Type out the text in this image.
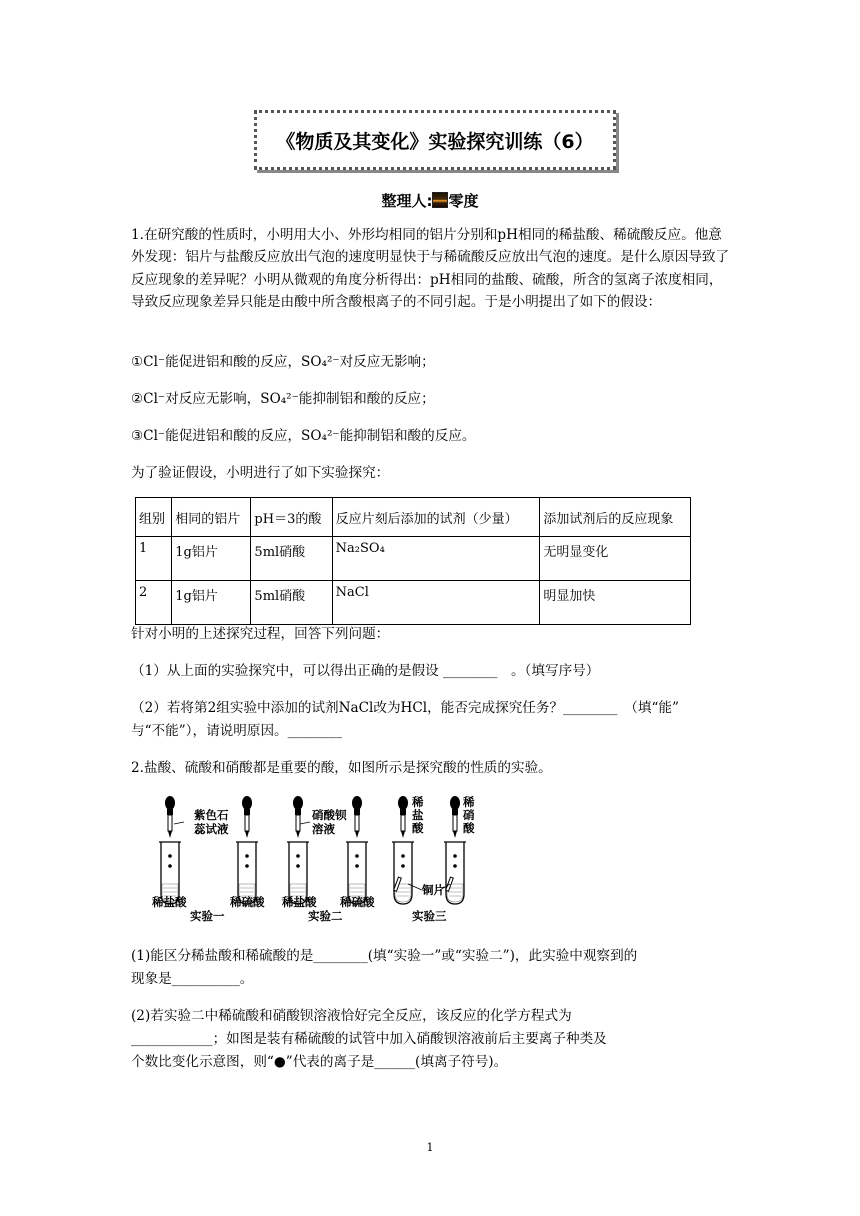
《物质及其变化》实验探究训练（6）
整理人: 零度
1.在研究酸的性质时，小明用大小、外形均相同的铝片分别和pH相同的稀盐酸、稀硫酸反应。他意外发现：铝片与盐酸反应放出气泡的速度明显快于与稀硫酸反应放出气泡的速度。是什么原因导致了反应现象的差异呢？小明从微观的角度分析得出：pH相同的盐酸、硫酸，所含的氢离子浓度相同，导致反应现象差异只能是由酸中所含酸根离子的不同引起。于是小明提出了如下的假设：
①Cl⁻能促进铝和酸的反应，SO₄²⁻对反应无影响；
②Cl⁻对反应无影响，SO₄²⁻能抑制铝和酸的反应；
③Cl⁻能促进铝和酸的反应，SO₄²⁻能抑制铝和酸的反应。
为了验证假设，小明进行了如下实验探究：
组别	相同的铝片	pH＝3的酸	反应片刻后添加的试剂（少量）	添加试剂后的反应现象
1	1g铝片	5ml硝酸	Na₂SO₄	无明显变化
2	1g铝片	5ml硝酸	NaCl	明显加快
针对小明的上述探究过程，回答下列问题：
（1）从上面的实验探究中，可以得出正确的是假设 ________　。（填写序号）
（2）若将第2组实验中添加的试剂NaCl改为HCl，能否完成探究任务？________　（填“能”
与“不能”），请说明原因。________
2.盐酸、硫酸和硝酸都是重要的酸，如图所示是探究酸的性质的实验。
紫色石
蕊试液
硝酸钡
溶液
稀
盐
酸
稀
硝
酸
铜片
稀盐酸	稀硫酸 稀盐酸 稀硫酸
实验一	实验二	实验三
(1)能区分稀盐酸和稀硫酸的是________(填“实验一”或“实验二”)，此实验中观察到的
现象是__________。
(2)若实验二中稀硫酸和硝酸钡溶液恰好完全反应，该反应的化学方程式为
____________；如图是装有稀硫酸的试管中加入硝酸钡溶液前后主要离子种类及
个数比变化示意图，则“●”代表的离子是______(填离子符号)。
1
